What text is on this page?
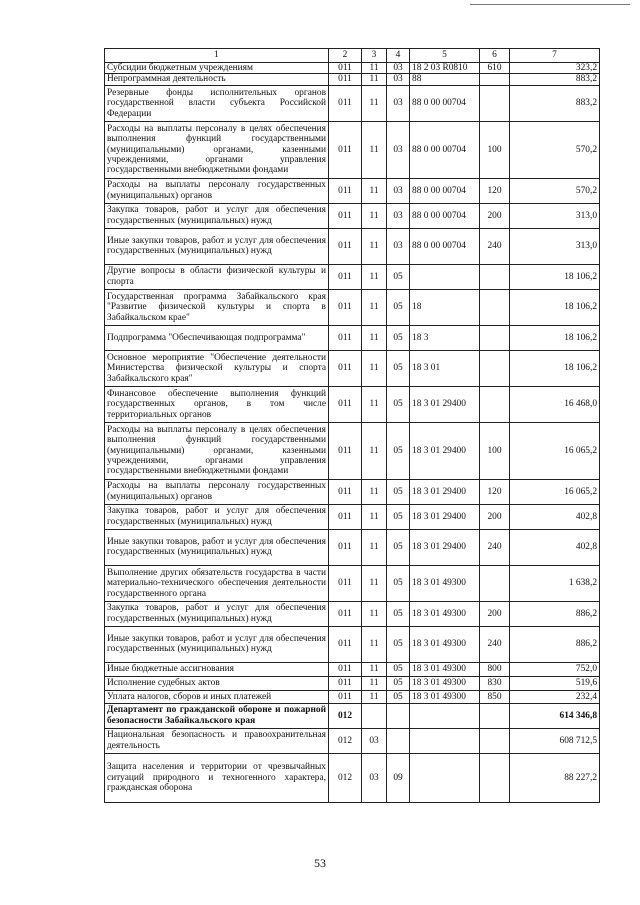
1	2	3	4	5	6	7
Субсидии бюджетным учреждениям	011	11	03	18 2 03 R0810	610	323,2
Непрограммная деятельность	011	11	03	88		883,2
Резервные фонды исполнительных органов государственной власти субъекта Российской Федерации	011	11	03	88 0 00 00704		883,2
Расходы на выплаты персоналу в целях обеспечения выполнения функций государственными (муниципальными) органами, казенными учреждениями, органами управления государственными внебюджетными фондами	011	11	03	88 0 00 00704	100	570,2
Расходы на выплаты персоналу государственных (муниципальных) органов	011	11	03	88 0 00 00704	120	570,2
Закупка товаров, работ и услуг для обеспечения государственных (муниципальных) нужд	011	11	03	88 0 00 00704	200	313,0
Иные закупки товаров, работ и услуг для обеспечения государственных (муниципальных) нужд	011	11	03	88 0 00 00704	240	313,0
Другие вопросы в области физической культуры и спорта	011	11	05			18 106,2
Государственная программа Забайкальского края "Развитие физической культуры и спорта в Забайкальском крае"	011	11	05	18		18 106,2
Подпрограмма "Обеспечивающая подпрограмма"	011	11	05	18 3		18 106,2
Основное мероприятие "Обеспечение деятельности Министерства физической культуры и спорта Забайкальского края"	011	11	05	18 3 01		18 106,2
Финансовое обеспечение выполнения функций государственных органов, в том числе территориальных органов	011	11	05	18 3 01 29400		16 468,0
Расходы на выплаты персоналу в целях обеспечения выполнения функций государственными (муниципальными) органами, казенными учреждениями, органами управления государственными внебюджетными фондами	011	11	05	18 3 01 29400	100	16 065,2
Расходы на выплаты персоналу государственных (муниципальных) органов	011	11	05	18 3 01 29400	120	16 065,2
Закупка товаров, работ и услуг для обеспечения государственных (муниципальных) нужд	011	11	05	18 3 01 29400	200	402,8
Иные закупки товаров, работ и услуг для обеспечения государственных (муниципальных) нужд	011	11	05	18 3 01 29400	240	402,8
Выполнение других обязательств государства в части материально-технического обеспечения деятельности государственного органа	011	11	05	18 3 01 49300		1 638,2
Закупка товаров, работ и услуг для обеспечения государственных (муниципальных) нужд	011	11	05	18 3 01 49300	200	886,2
Иные закупки товаров, работ и услуг для обеспечения государственных (муниципальных) нужд	011	11	05	18 3 01 49300	240	886,2
Иные бюджетные ассигнования	011	11	05	18 3 01 49300	800	752,0
Исполнение судебных актов	011	11	05	18 3 01 49300	830	519,6
Уплата налогов, сборов и иных платежей	011	11	05	18 3 01 49300	850	232,4
Департамент по гражданской обороне и пожарной безопасности Забайкальского края	012					614 346,8
Национальная безопасность и правоохранительная деятельность	012	03				608 712,5
Защита населения и территории от чрезвычайных ситуаций природного и техногенного характера, гражданская оборона	012	03	09			88 227,2
53
